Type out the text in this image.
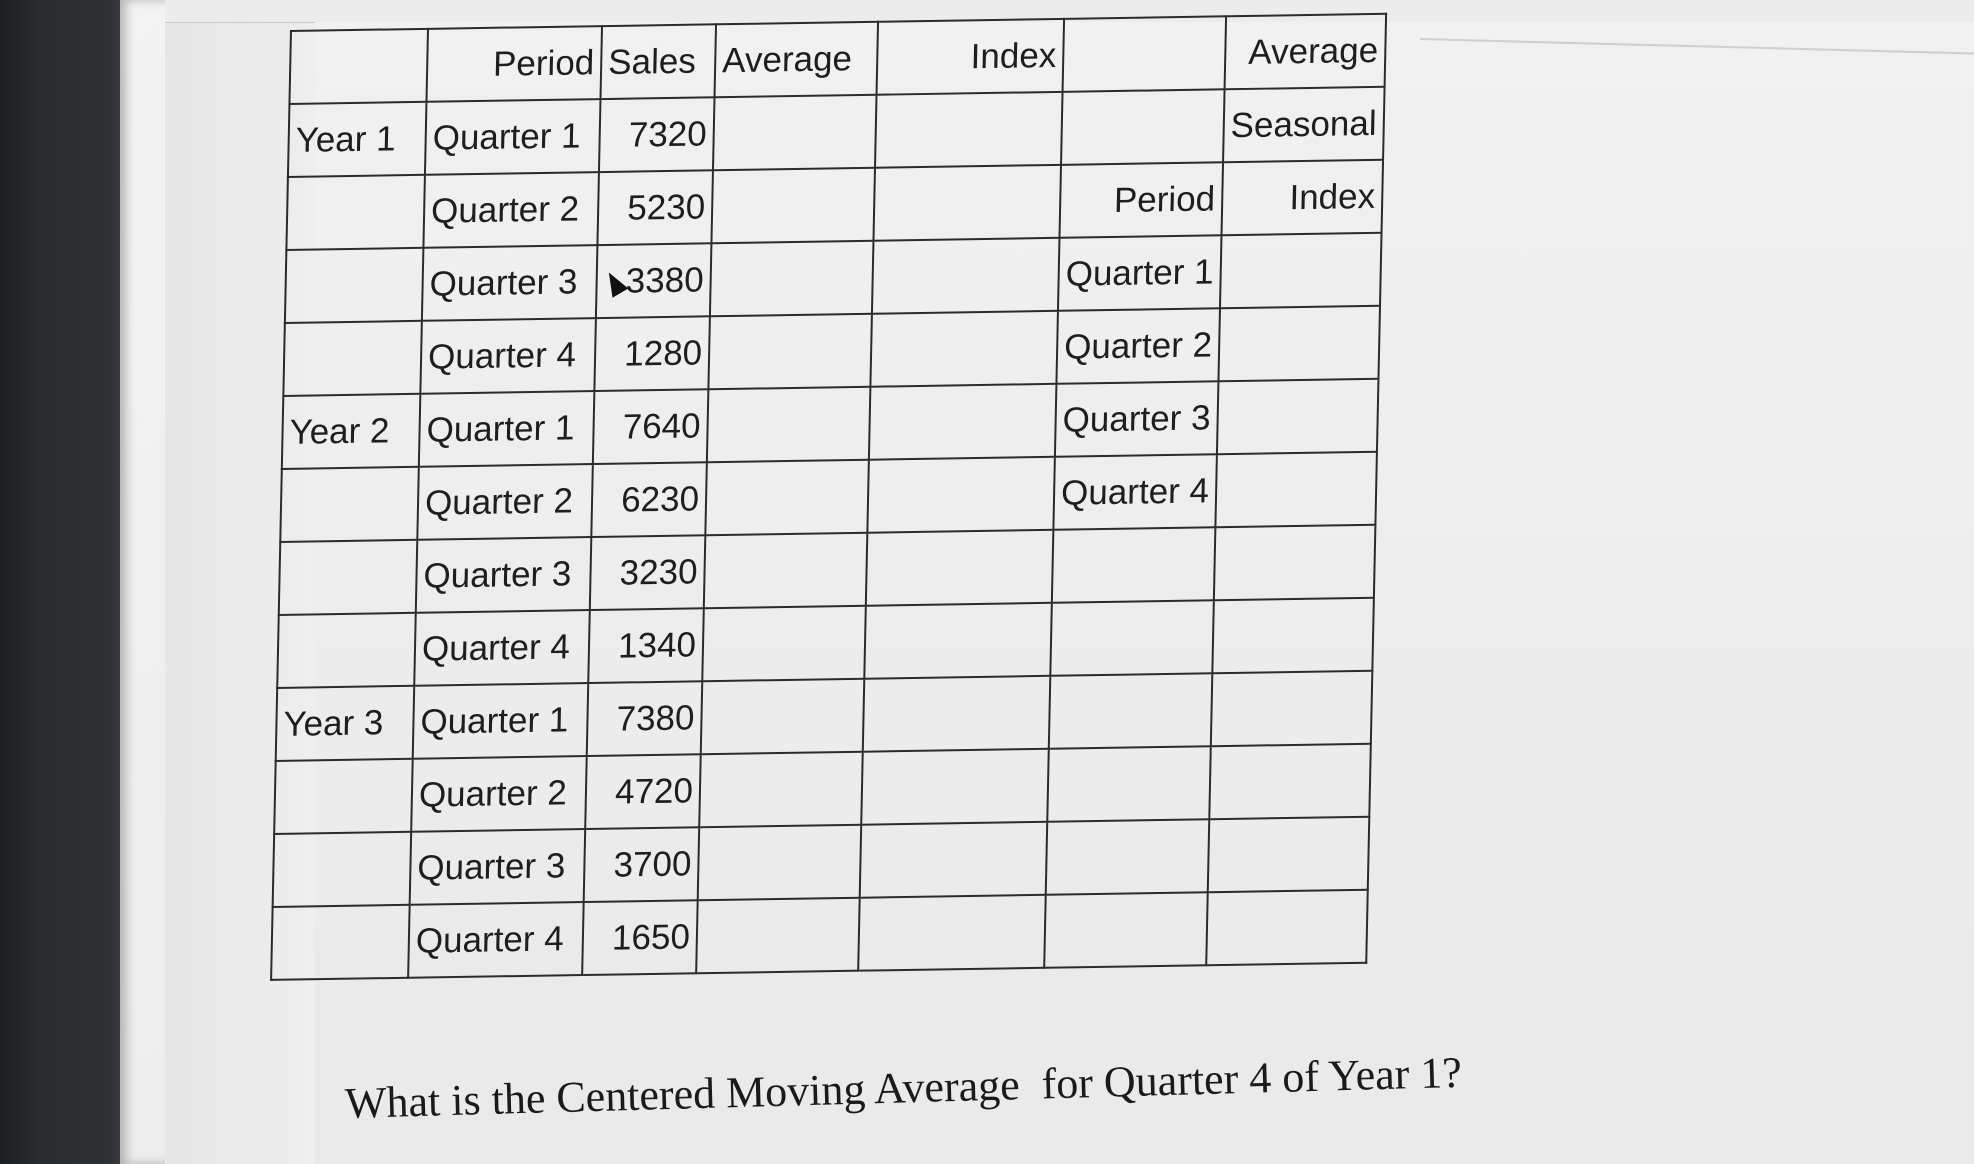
	Period	Sales	Average	Index		Average
Year 1	Quarter 1	7320				Seasonal
	Quarter 2	5230			Period	Index
	Quarter 3	3380			Quarter 1	
	Quarter 4	1280			Quarter 2	
Year 2	Quarter 1	7640			Quarter 3	
	Quarter 2	6230			Quarter 4	
	Quarter 3	3230				
	Quarter 4	1340				
Year 3	Quarter 1	7380				
	Quarter 2	4720				
	Quarter 3	3700				
	Quarter 4	1650				
What is the Centered Moving Average for Quarter 4 of Year 1?
